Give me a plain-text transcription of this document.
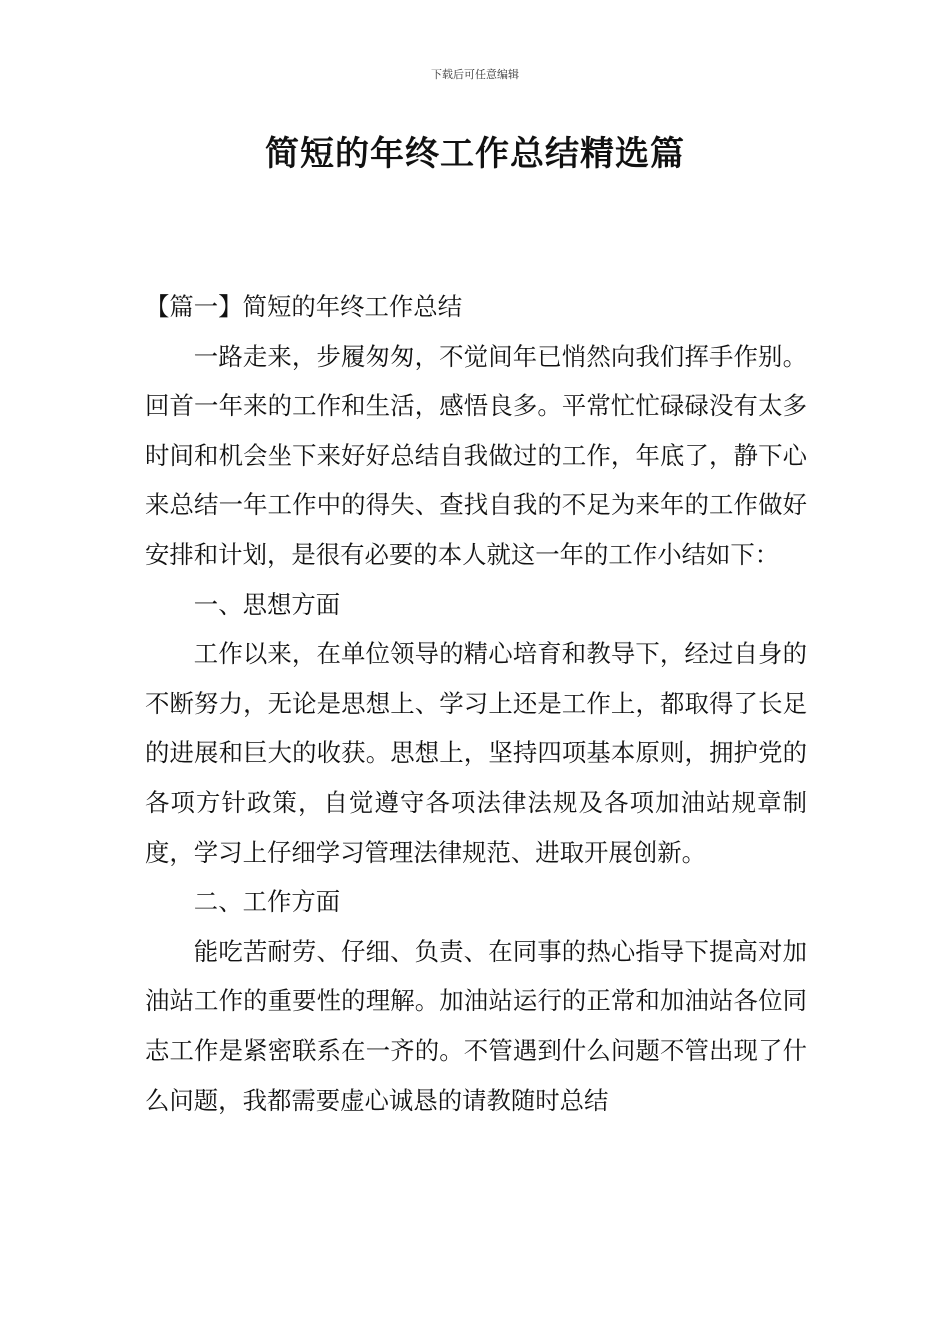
下载后可任意编辑
简短的年终工作总结精选篇

【篇一】简短的年终工作总结

一路走来，步履匆匆，不觉间年已悄然向我们挥手作别。回首一年来的工作和生活，感悟良多。平常忙忙碌碌没有太多时间和机会坐下来好好总结自我做过的工作，年底了，静下心来总结一年工作中的得失、查找自我的不足为来年的工作做好安排和计划，是很有必要的本人就这一年的工作小结如下：

一、思想方面

工作以来，在单位领导的精心培育和教导下，经过自身的不断努力，无论是思想上、学习上还是工作上，都取得了长足的进展和巨大的收获。思想上，坚持四项基本原则，拥护党的各项方针政策，自觉遵守各项法律法规及各项加油站规章制度，学习上仔细学习管理法律规范、进取开展创新。

二、工作方面

能吃苦耐劳、仔细、负责、在同事的热心指导下提高对加油站工作的重要性的理解。加油站运行的正常和加油站各位同志工作是紧密联系在一齐的。不管遇到什么问题不管出现了什么问题，我都需要虚心诚恳的请教随时总结
